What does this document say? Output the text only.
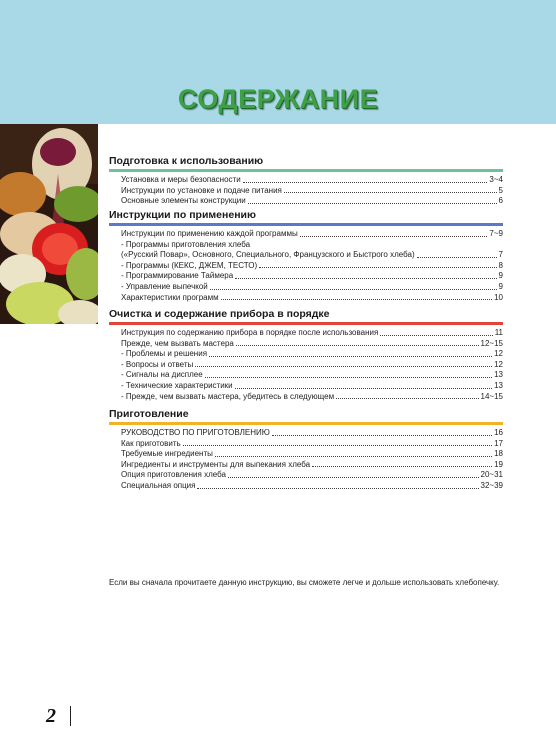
СОДЕРЖАНИЕ
Подготовка к использованию
Установка и меры безопасности	3~4
Инструкции по установке и подаче питания	5
Основные элементы конструкции	6
Инструкции по применению
Инструкции по применению каждой программы	7~9
- Программы приготовления хлеба
(«Русский Повар», Основного, Специального, Французского и Быстрого хлеба)	7
- Программы (КЕКС, ДЖЕМ, ТЕСТО)	8
- Программирование Таймера	9
- Управление выпечкой	9
Характеристики программ	10
Очистка и содержание прибора в порядке
Инструкция по содержанию прибора в порядке после использования	11
Прежде, чем вызвать мастера	12~15
- Проблемы и решения	12
- Вопросы и ответы	12
- Сигналы на дисплее	13
- Технические характеристики	13
- Прежде, чем вызвать мастера, убедитесь в следующем	14~15
Приготовление
РУКОВОДСТВО ПО ПРИГОТОВЛЕНИЮ	16
Как приготовить	17
Требуемые ингредиенты	18
Ингредиенты и инструменты для выпекания хлеба	19
Опция приготовления хлеба	20~31
Специальная опция	32~39
Если вы сначала прочитаете данную инструкцию, вы сможете легче и дольше использовать хлебопечку.
2
